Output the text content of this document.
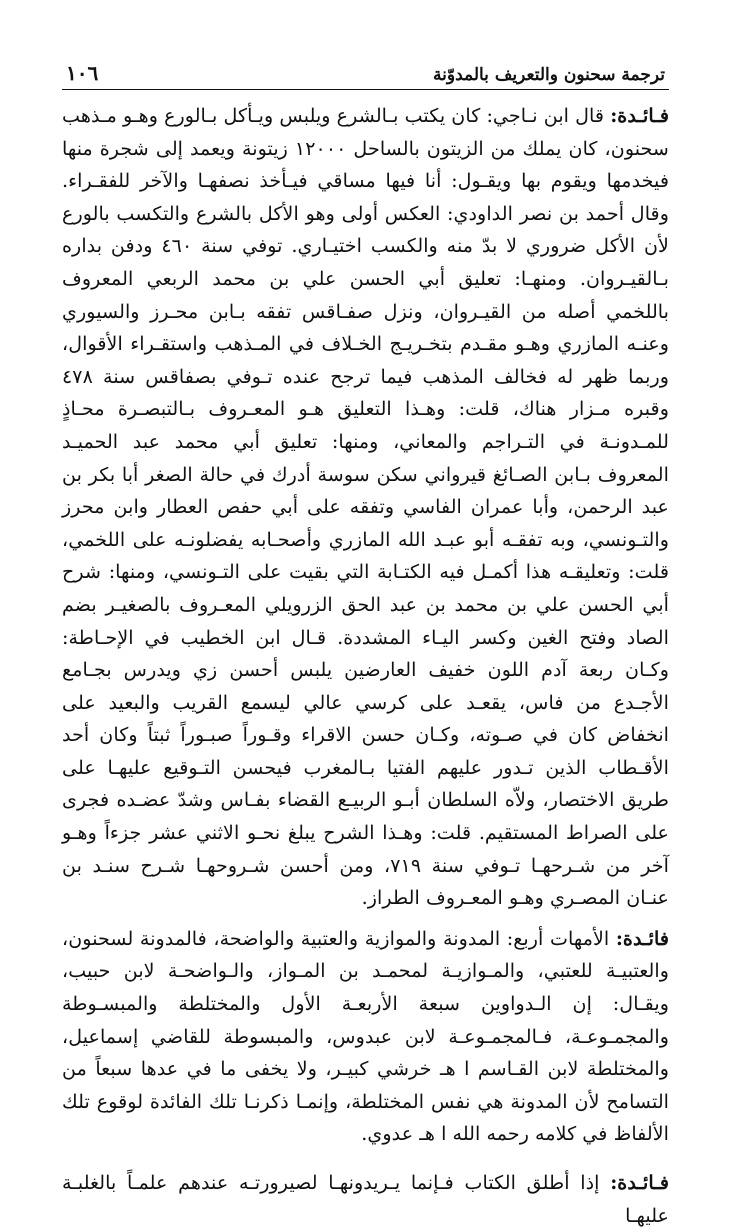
ترجمة سحنون والتعريف بالمدوّنة
١٠٦

فـائـدة: قال ابن نـاجي: كان يكتب بـالشرع ويلبس ويـأكل بـالورع وهـو مـذهب سحنون، كان يملك من الزيتون بالساحل ١٢٠٠٠ زيتونة ويعمد إلى شجرة منها فيخدمها ويقوم بها ويقـول: أنا فيها مساقي فيـأخذ نصفهـا والآخر للفقـراء. وقال أحمد بن نصر الداودي: العكس أولى وهو الأكل بالشرع والتكسب بالورع لأن الأكل ضروري لا بدّ منه والكسب اختيـاري. توفي سنة ٤٦٠ ودفن بداره بـالقيـروان. ومنهـا: تعليق أبي الحسن علي بن محمد الربعي المعروف باللخمي أصله من القيـروان، ونزل صفـاقس تفقه بـابن محـرز والسيوري وعنـه المازري وهـو مقـدم بتخـريـج الخـلاف في المـذهب واستقـراء الأقوال، وربما ظهر له فخالف المذهب فيما ترجح عنده تـوفي بصفاقس سنة ٤٧٨ وقبره مـزار هناك، قلت: وهـذا التعليق هـو المعـروف بـالتبصـرة محـاذٍ للمـدونـة في التـراجم والمعاني، ومنها: تعليق أبي محمد عبد الحميـد المعروف بـابن الصـائغ قيرواني سكن سوسة أدرك في حالة الصغر أبا بكر بن عبد الرحمن، وأبا عمران الفاسي وتفقه على أبي حفص العطار وابن محرز والتـونسي، وبه تفقـه أبو عبـد الله المازري وأصحـابه يفضلونـه على اللخمي، قلت: وتعليقـه هذا أكمـل فيه الكتـابة التي بقيت على التـونسي، ومنها: شرح أبي الحسن علي بن محمد بن عبد الحق الزرويلي المعـروف بالصغيـر بضم الصاد وفتح الغين وكسر اليـاء المشددة. قـال ابن الخطيب في الإحـاطة: وكـان ربعة آدم اللون خفيف العارضين يلبس أحسن زي ويدرس بجـامع الأجـدع من فاس، يقعـد على كرسي عالي ليسمع القريب والبعيد على انخفاض كان في صـوته، وكـان حسن الاقراء وقـوراً صبـوراً ثبتاً وكان أحد الأقـطاب الذين تـدور عليهم الفتيا بـالمغرب فيحسن التـوقيع عليهـا على طريق الاختصار، ولاّه السلطان أبـو الربيـع القضاء بفـاس وشدّ عضـده فجرى على الصراط المستقيم. قلت: وهـذا الشرح يبلغ نحـو الاثني عشر جزءاً وهـو آخر من شـرحهـا تـوفي سنة ٧١٩، ومن أحسن شـروحهـا شـرح سنـد بن عنـان المصـري وهـو المعـروف الطراز.

فائـدة: الأمهات أربع: المدونة والموازية والعتبية والواضحة، فالمدونة لسحنون، والعتبيـة للعتبي، والمـوازيـة لمحمـد بن المـواز، والـواضحـة لابن حبيب، ويقـال: إن الـدواوين سبعة الأربعـة الأول والمختلطة والمبسـوطة والمجمـوعـة، فـالمجمـوعـة لابن عبدوس، والمبسوطة للقاضي إسماعيل، والمختلطة لابن القـاسم ا هـ خرشي كبيـر، ولا يخفى ما في عدها سبعاً من التسامح لأن المدونة هي نفس المختلطة، وإنمـا ذكرنـا تلك الفائدة لوقوع تلك الألفاظ في كلامه رحمه الله ا هـ عدوي.

فـائـدة: إذا أطلق الكتاب فـإنما يـريدونهـا لصيرورتـه عندهم علمـاً بالغلبـة عليهـا
